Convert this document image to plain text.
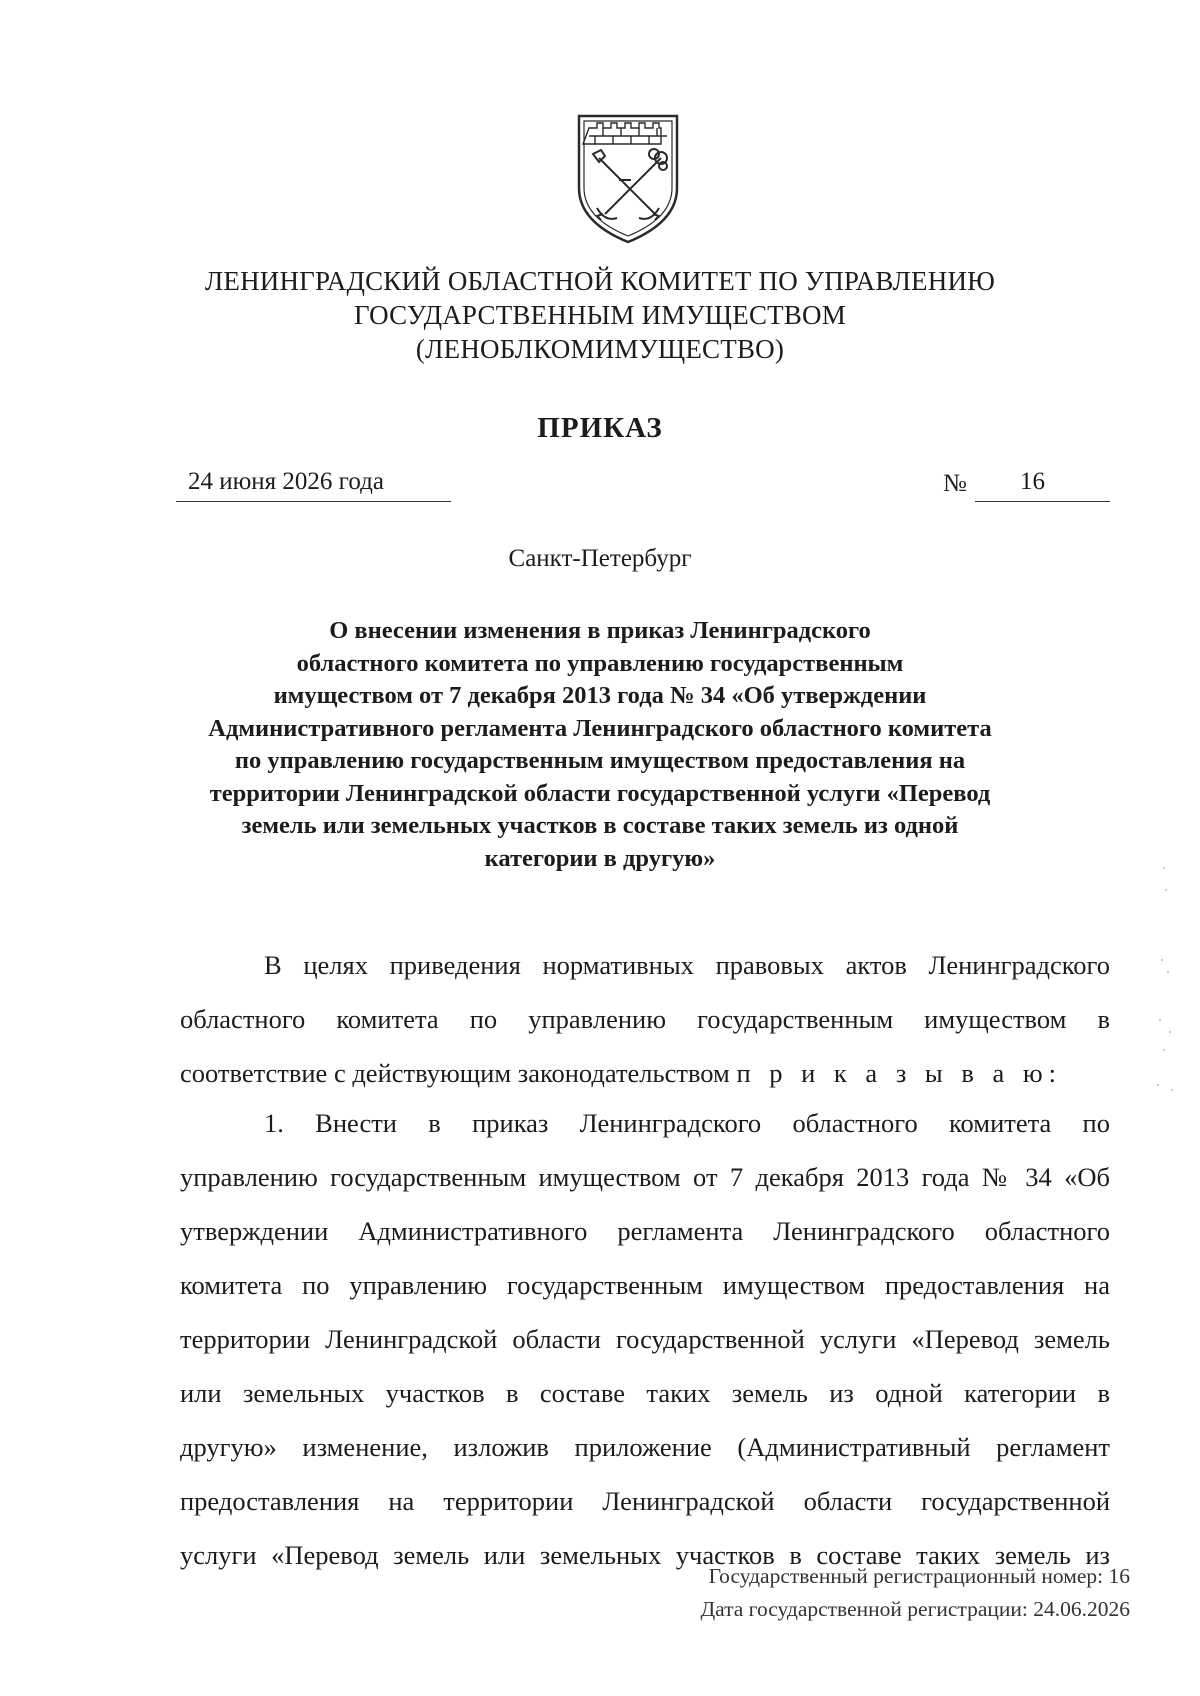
ЛЕНИНГРАДСКИЙ ОБЛАСТНОЙ КОМИТЕТ ПО УПРАВЛЕНИЮ
ГОСУДАРСТВЕННЫМ ИМУЩЕСТВОМ
(ЛЕНОБЛКОМИМУЩЕСТВО)
ПРИКАЗ
24 июня 2026 года	№ 16
Санкт-Петербург
О внесении изменения в приказ Ленинградского
областного комитета по управлению государственным
имуществом от 7 декабря 2013 года № 34 «Об утверждении
Административного регламента Ленинградского областного комитета
по управлению государственным имуществом предоставления на
территории Ленинградской области государственной услуги «Перевод
земель или земельных участков в составе таких земель из одной
категории в другую»
В целях приведения нормативных правовых актов Ленинградского
областного комитета по управлению государственным имуществом в
соответствие с действующим законодательством п р и к а з ы в а ю:
1. Внести в приказ Ленинградского областного комитета по
управлению государственным имуществом от 7 декабря 2013 года № 34 «Об
утверждении Административного регламента Ленинградского областного
комитета по управлению государственным имуществом предоставления на
территории Ленинградской области государственной услуги «Перевод земель
или земельных участков в составе таких земель из одной категории в
другую» изменение, изложив приложение (Административный регламент
предоставления на территории Ленинградской области государственной
услуги «Перевод земель или земельных участков в составе таких земель из
Государственный регистрационный номер: 16
Дата государственной регистрации: 24.06.2026
